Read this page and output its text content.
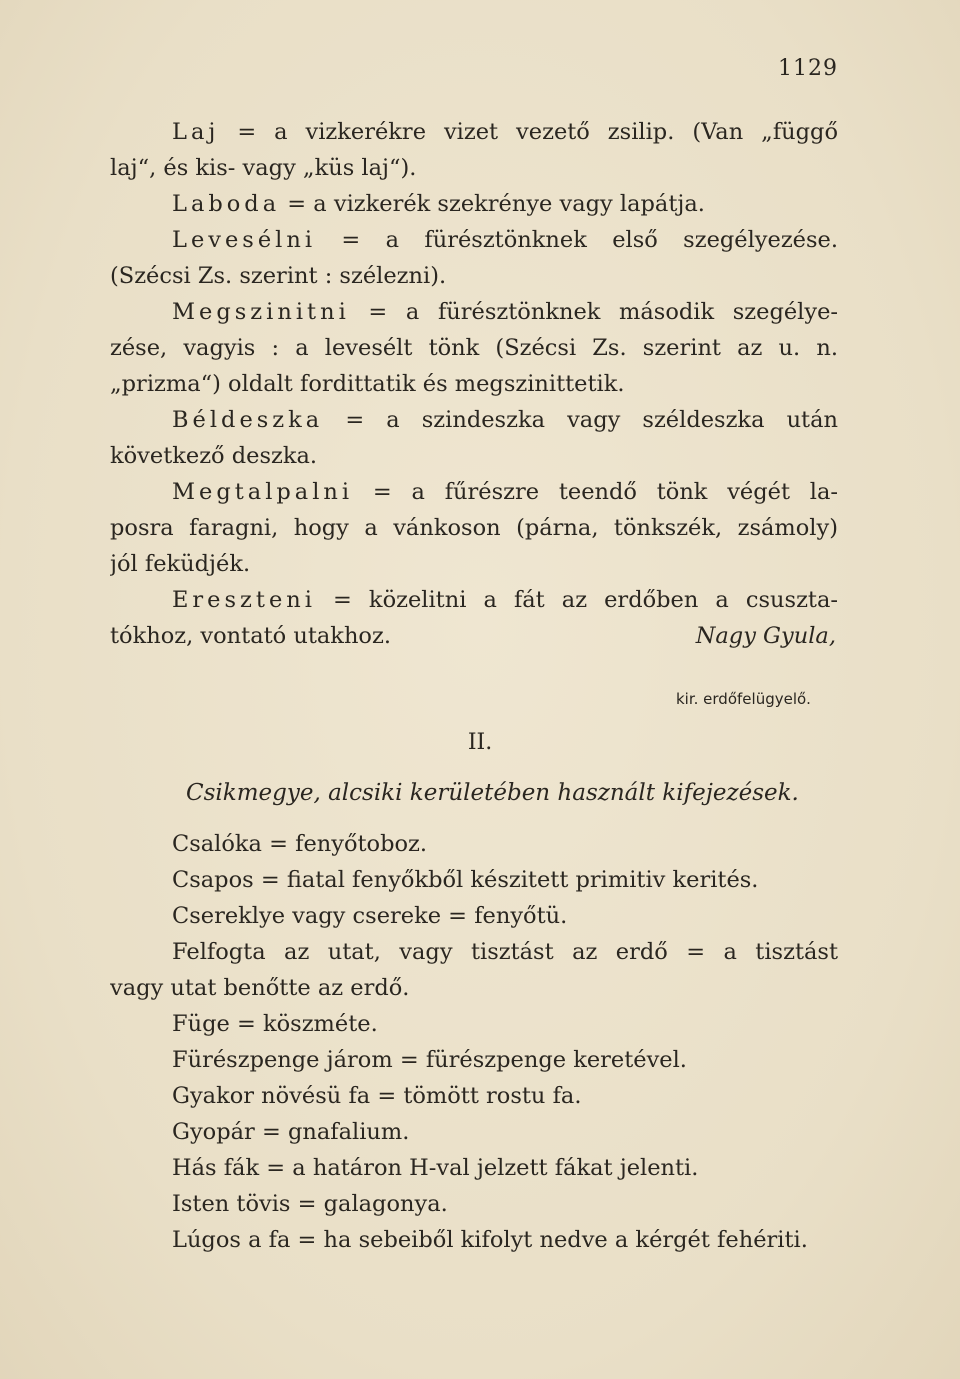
1129
Laj = a vizkerékre vizet vezető zsilip. (Van „függő
laj“, és kis- vagy „küs laj“).
Laboda = a vizkerék szekrénye vagy lapátja.
Levesélni = a fürésztönknek első szegélyezése.
(Szécsi Zs. szerint : szélezni).
Megszinitni = a fürésztönknek második szegélye-
zése, vagyis : a levesélt tönk (Szécsi Zs. szerint az u. n.
„prizma“) oldalt fordittatik és megszinittetik.
Béldeszka = a szindeszka vagy széldeszka után
következő deszka.
Megtalpalni = a fűrészre teendő tönk végét la-
posra faragni, hogy a vánkoson (párna, tönkszék, zsámoly)
jól feküdjék.
Ereszteni = közelitni a fát az erdőben a csuszta-
tókhoz, vontató utakhoz.	Nagy Gyula,
kir. erdőfelügyelő.
II.
Csikmegye, alcsiki kerületében használt kifejezések.
Csalóka = fenyőtoboz.
Csapos = fiatal fenyőkből készitett primitiv kerités.
Csereklye vagy csereke = fenyőtü.
Felfogta az utat, vagy tisztást az erdő = a tisztást
vagy utat benőtte az erdő.
Füge = köszméte.
Fürészpenge járom = fürészpenge keretével.
Gyakor növésü fa = tömött rostu fa.
Gyopár = gnafalium.
Hás fák = a határon H-val jelzett fákat jelenti.
Isten tövis = galagonya.
Lúgos a fa = ha sebeiből kifolyt nedve a kérgét fehériti.
